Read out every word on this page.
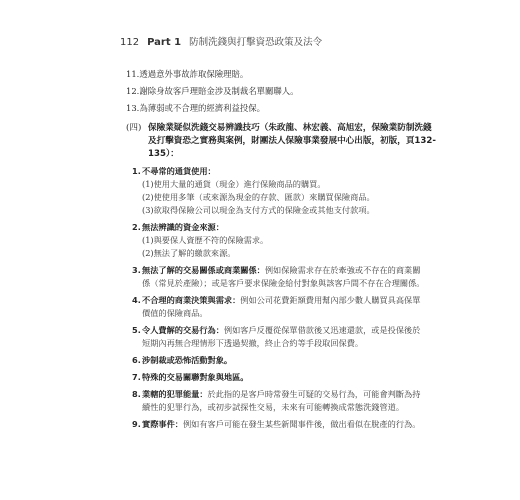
112 Part 1 防制洗錢與打擊資恐政策及法令
11.透過意外事故詐取保險理賠。
12.謝除身故客戶理賠金涉及制裁名單關聯人。
13.為薄弱或不合理的經濟利益投保。
(四) 保險業疑似洗錢交易辨識技巧（朱政龍、林宏義、高旭宏，保險業防制洗錢及打擊資恐之實務與案例，財團法人保險事業發展中心出版，初版，頁132-135）：
1. 不尋常的通貨使用：
(1)使用大量的通貨（現金）進行保險商品的購買。
(2)使使用多筆（或來源為現金的存款、匯款）來購買保險商品。
(3)欲取得保險公司以現金為支付方式的保險金或其他支付款項。
2. 無法辨識的資金來源：
(1)與要保人資歷不符的保險需求。
(2)無法了解的繳款來源。
3. 無法了解的交易關係或商業關係：例如保險需求存在於牽強或不存在的商業關係（常見於產險）；或是客戶要求保險金給付對象與該客戶間不存在合理關係。
4. 不合理的商業決策與需求：例如公司花費鉅額費用幫內部少數人購買具高保單價值的保險商品。
5. 令人費解的交易行為：例如客戶反覆從保單借款後又迅速還款，或是投保後於短期內再無合理情形下透過契撤，終止合約等手段取回保費。
6. 涉制裁或恐怖活動對象。
7. 特殊的交易關聯對象與地區。
8. 業轄的犯罪能量：於此指的是客戶時常發生可疑的交易行為，可能會判斷為持續性的犯罪行為，或初步試探性交易，未來有可能轉換成常態洗錢管道。
9. 實際事件：例如有客戶可能在發生某些新聞事件後，做出看似在脫產的行為。
